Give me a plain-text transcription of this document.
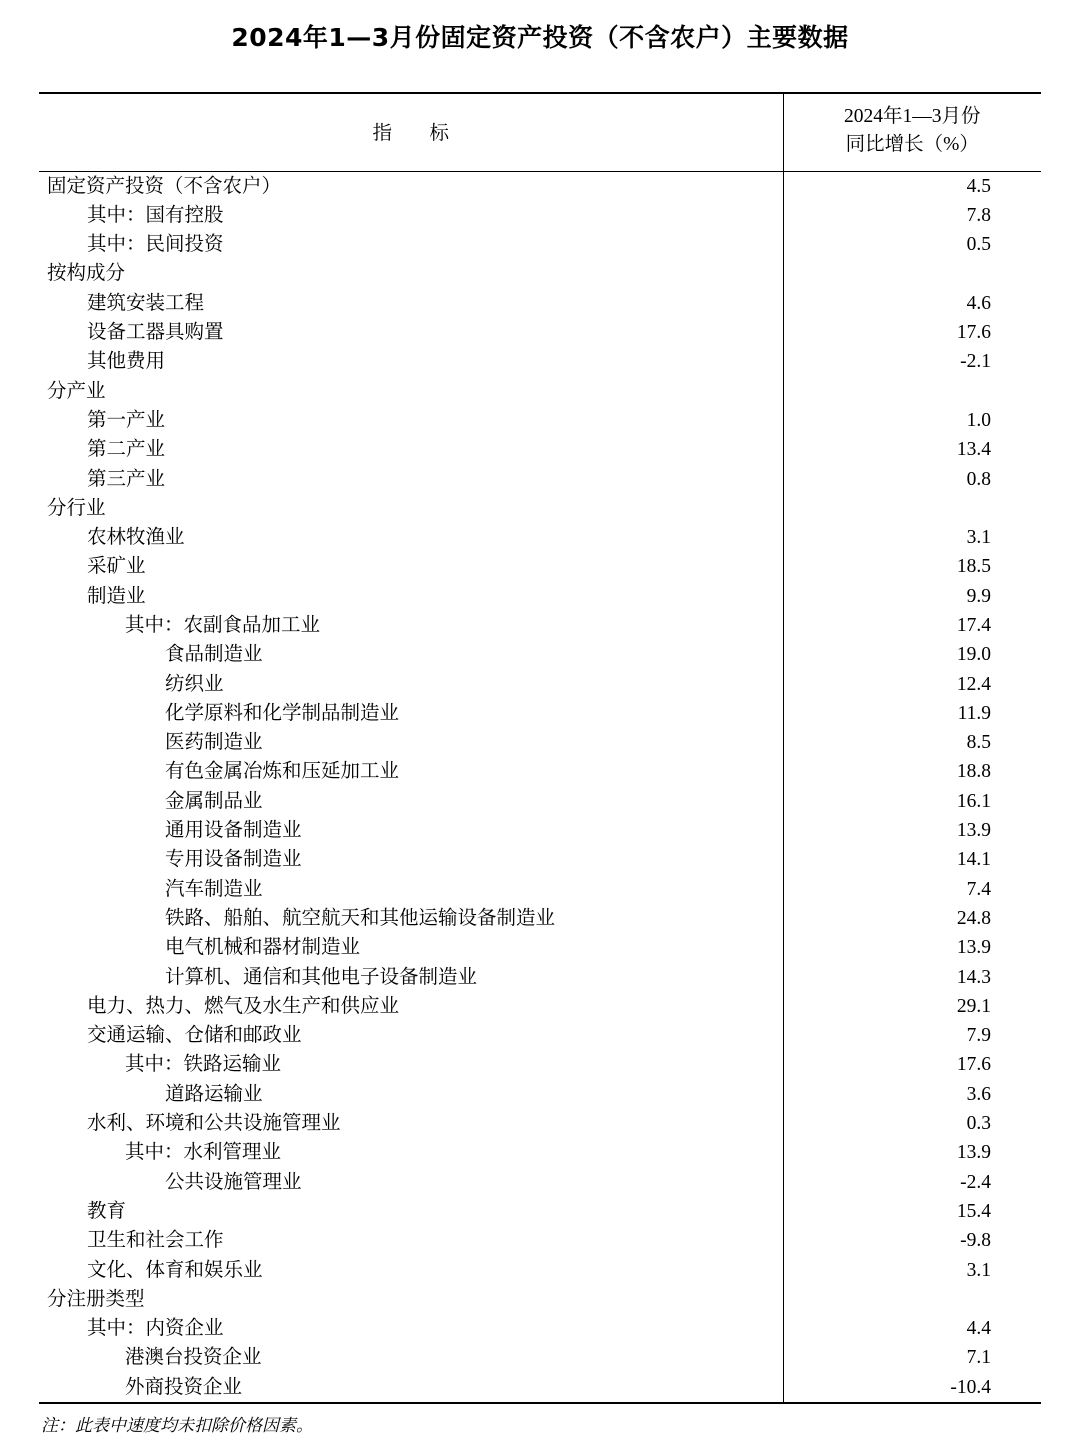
2024年1—3月份固定资产投资（不含农户）主要数据
指　标	2024年1—3月份
同比增长（%）

固定资产投资（不含农户）	4.5
其中：国有控股	7.8
其中：民间投资	0.5
按构成分	
建筑安装工程	4.6
设备工器具购置	17.6
其他费用	-2.1
分产业	
第一产业	1.0
第二产业	13.4
第三产业	0.8
分行业	
农林牧渔业	3.1
采矿业	18.5
制造业	9.9
其中：农副食品加工业	17.4
食品制造业	19.0
纺织业	12.4
化学原料和化学制品制造业	11.9
医药制造业	8.5
有色金属冶炼和压延加工业	18.8
金属制品业	16.1
通用设备制造业	13.9
专用设备制造业	14.1
汽车制造业	7.4
铁路、船舶、航空航天和其他运输设备制造业	24.8
电气机械和器材制造业	13.9
计算机、通信和其他电子设备制造业	14.3
电力、热力、燃气及水生产和供应业	29.1
交通运输、仓储和邮政业	7.9
其中：铁路运输业	17.6
道路运输业	3.6
水利、环境和公共设施管理业	0.3
其中：水利管理业	13.9
公共设施管理业	-2.4
教育	15.4
卫生和社会工作	-9.8
文化、体育和娱乐业	3.1
分注册类型	
其中：内资企业	4.4
港澳台投资企业	7.1
外商投资企业	-10.4
注：此表中速度均未扣除价格因素。
